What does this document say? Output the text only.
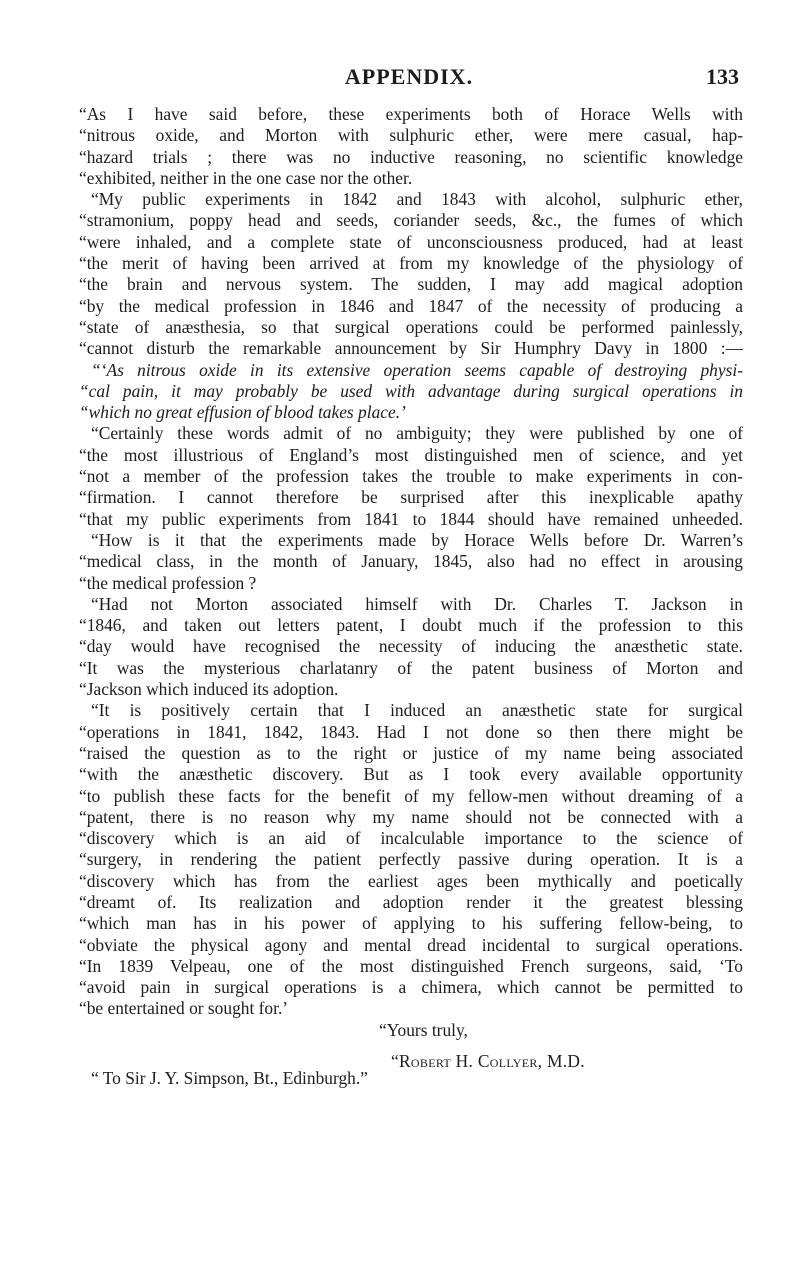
APPENDIX.	133
“As I have said before, these experiments both of Horace Wells with
“nitrous oxide, and Morton with sulphuric ether, were mere casual, hap-
“hazard trials ; there was no inductive reasoning, no scientific knowledge
“exhibited, neither in the one case nor the other.
“My public experiments in 1842 and 1843 with alcohol, sulphuric ether,
“stramonium, poppy head and seeds, coriander seeds, &c., the fumes of which
“were inhaled, and a complete state of unconsciousness produced, had at least
“the merit of having been arrived at from my knowledge of the physiology of
“the brain and nervous system. The sudden, I may add magical adoption
“by the medical profession in 1846 and 1847 of the necessity of producing a
“state of anæsthesia, so that surgical operations could be performed painlessly,
“cannot disturb the remarkable announcement by Sir Humphry Davy in 1800 :—
“‘As nitrous oxide in its extensive operation seems capable of destroying physi-
“cal pain, it may probably be used with advantage during surgical operations in
“which no great effusion of blood takes place.’
“Certainly these words admit of no ambiguity; they were published by one of
“the most illustrious of England’s most distinguished men of science, and yet
“not a member of the profession takes the trouble to make experiments in con-
“firmation. I cannot therefore be surprised after this inexplicable apathy
“that my public experiments from 1841 to 1844 should have remained unheeded.
“How is it that the experiments made by Horace Wells before Dr. Warren’s
“medical class, in the month of January, 1845, also had no effect in arousing
“the medical profession ?
“Had not Morton associated himself with Dr. Charles T. Jackson in
“1846, and taken out letters patent, I doubt much if the profession to this
“day would have recognised the necessity of inducing the anæsthetic state.
“It was the mysterious charlatanry of the patent business of Morton and
“Jackson which induced its adoption.
“It is positively certain that I induced an anæsthetic state for surgical
“operations in 1841, 1842, 1843. Had I not done so then there might be
“raised the question as to the right or justice of my name being associated
“with the anæsthetic discovery. But as I took every available opportunity
“to publish these facts for the benefit of my fellow-men without dreaming of a
“patent, there is no reason why my name should not be connected with a
“discovery which is an aid of incalculable importance to the science of
“surgery, in rendering the patient perfectly passive during operation. It is a
“discovery which has from the earliest ages been mythically and poetically
“dreamt of. Its realization and adoption render it the greatest blessing
“which man has in his power of applying to his suffering fellow-being, to
“obviate the physical agony and mental dread incidental to surgical operations.
“In 1839 Velpeau, one of the most distinguished French surgeons, said, ‘To
“avoid pain in surgical operations is a chimera, which cannot be permitted to
“be entertained or sought for.’
“Yours truly,
“Robert H. Collyer, M.D.
“ To Sir J. Y. Simpson, Bt., Edinburgh.”
